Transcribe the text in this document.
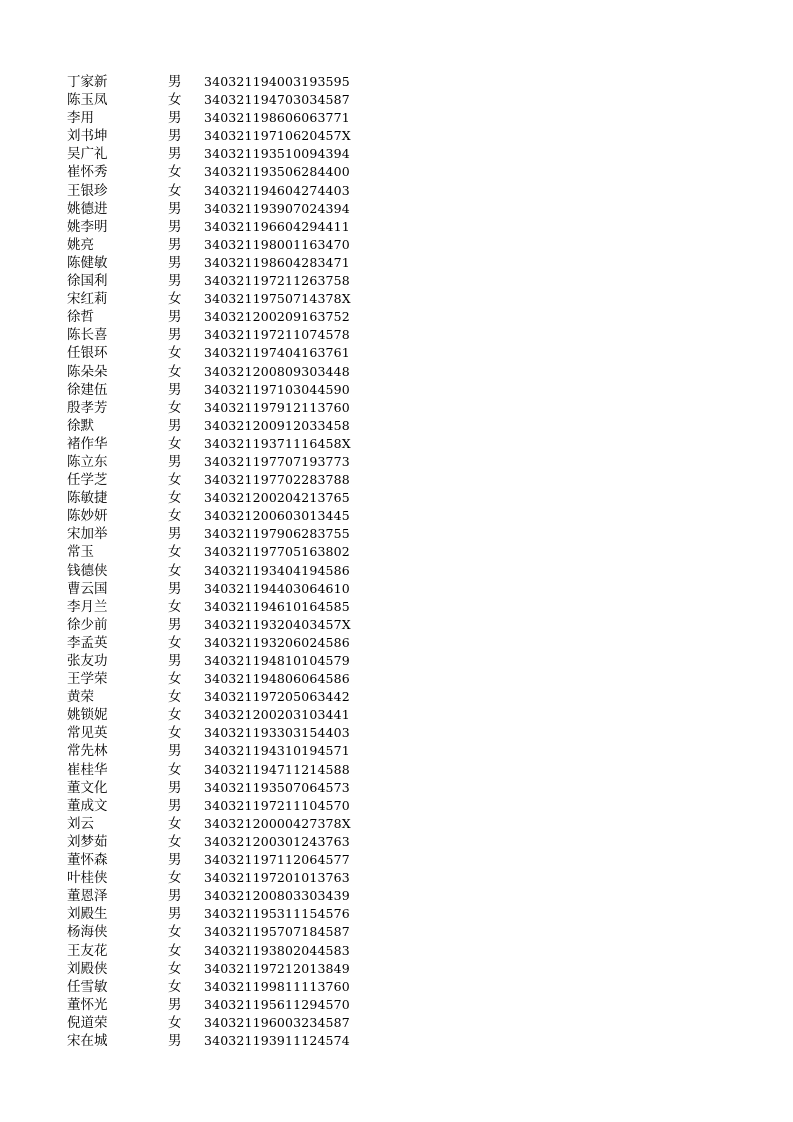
丁家新	男 340321194003193595
陈玉凤	女 340321194703034587
李用	男 340321198606063771
刘书坤	男 34032119710620457X
吴广礼	男 340321193510094394
崔怀秀	女 340321193506284400
王银珍	女 340321194604274403
姚德进	男 340321193907024394
姚李明	男 340321196604294411
姚亮	男 340321198001163470
陈健敏	男 340321198604283471
徐国利	男 340321197211263758
宋红莉	女 34032119750714378X
徐哲	男 340321200209163752
陈长喜	男 340321197211074578
任银环	女 340321197404163761
陈朵朵	女 340321200809303448
徐建伍	男 340321197103044590
殷孝芳	女 340321197912113760
徐默	男 340321200912033458
褚作华	女 34032119371116458X
陈立东	男 340321197707193773
任学芝	女 340321197702283788
陈敏捷	女 340321200204213765
陈妙妍	女 340321200603013445
宋加举	男 340321197906283755
常玉	女 340321197705163802
钱德侠	女 340321193404194586
曹云国	男 340321194403064610
李月兰	女 340321194610164585
徐少前	男 34032119320403457X
李孟英	女 340321193206024586
张友功	男 340321194810104579
王学荣	女 340321194806064586
黄荣	女 340321197205063442
姚锁妮	女 340321200203103441
常见英	女 340321193303154403
常先林	男 340321194310194571
崔桂华	女 340321194711214588
董文化	男 340321193507064573
董成文	男 340321197211104570
刘云	女 34032120000427378X
刘梦茹	女 340321200301243763
董怀森	男 340321197112064577
叶桂侠	女 340321197201013763
董恩泽	男 340321200803303439
刘殿生	男 340321195311154576
杨海侠	女 340321195707184587
王友花	女 340321193802044583
刘殿侠	女 340321197212013849
任雪敏	女 340321199811113760
董怀光	男 340321195611294570
倪道荣	女 340321196003234587
宋在城	男 340321193911124574
